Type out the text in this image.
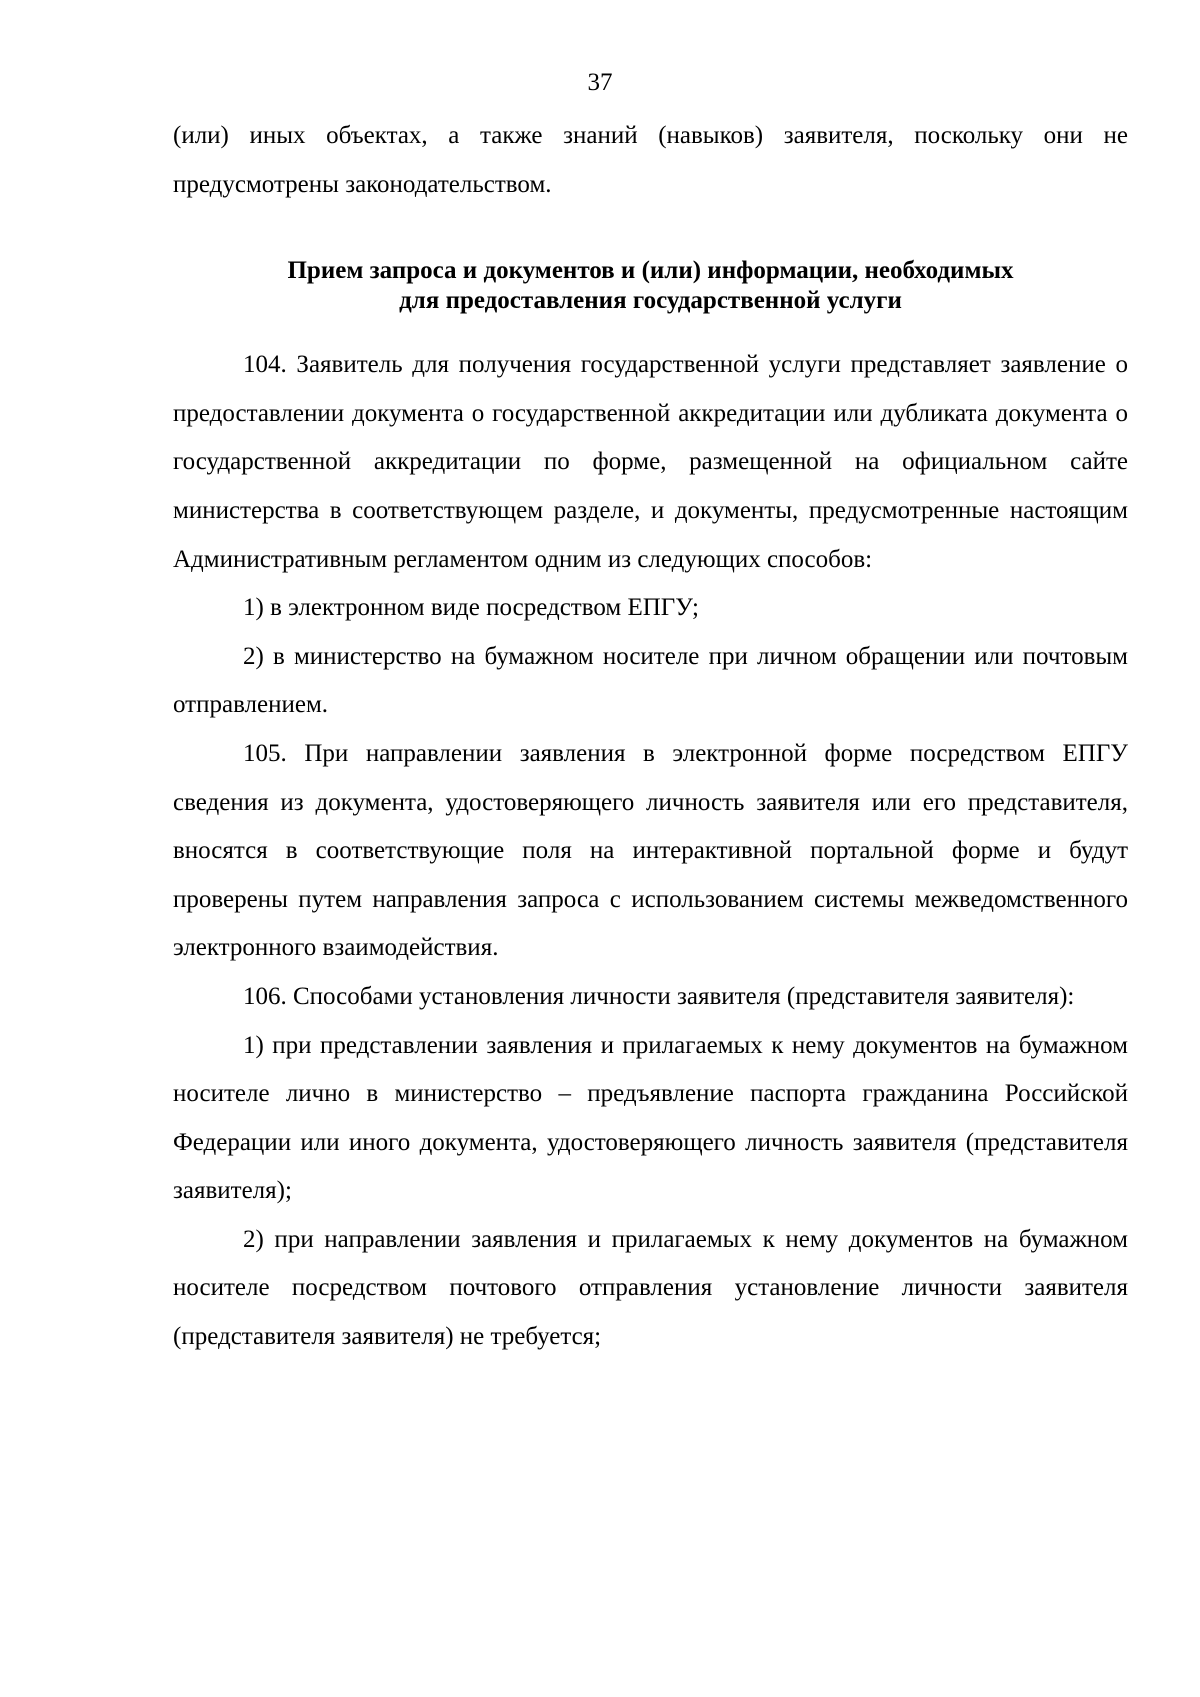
37

(или) иных объектах, а также знаний (навыков) заявителя, поскольку они не предусмотрены законодательством.

Прием запроса и документов и (или) информации, необходимых
для предоставления государственной услуги

104. Заявитель для получения государственной услуги представляет заявление о предоставлении документа о государственной аккредитации или дубликата документа о государственной аккредитации по форме, размещенной на официальном сайте министерства в соответствующем разделе, и документы, предусмотренные настоящим Административным регламентом одним из следующих способов:

1) в электронном виде посредством ЕПГУ;

2) в министерство на бумажном носителе при личном обращении или почтовым отправлением.

105. При направлении заявления в электронной форме посредством ЕПГУ сведения из документа, удостоверяющего личность заявителя или его представителя, вносятся в соответствующие поля на интерактивной портальной форме и будут проверены путем направления запроса с использованием системы межведомственного электронного взаимодействия.

106. Способами установления личности заявителя (представителя заявителя):

1) при представлении заявления и прилагаемых к нему документов на бумажном носителе лично в министерство – предъявление паспорта гражданина Российской Федерации или иного документа, удостоверяющего личность заявителя (представителя заявителя);

2) при направлении заявления и прилагаемых к нему документов на бумажном носителе посредством почтового отправления установление личности заявителя (представителя заявителя) не требуется;
